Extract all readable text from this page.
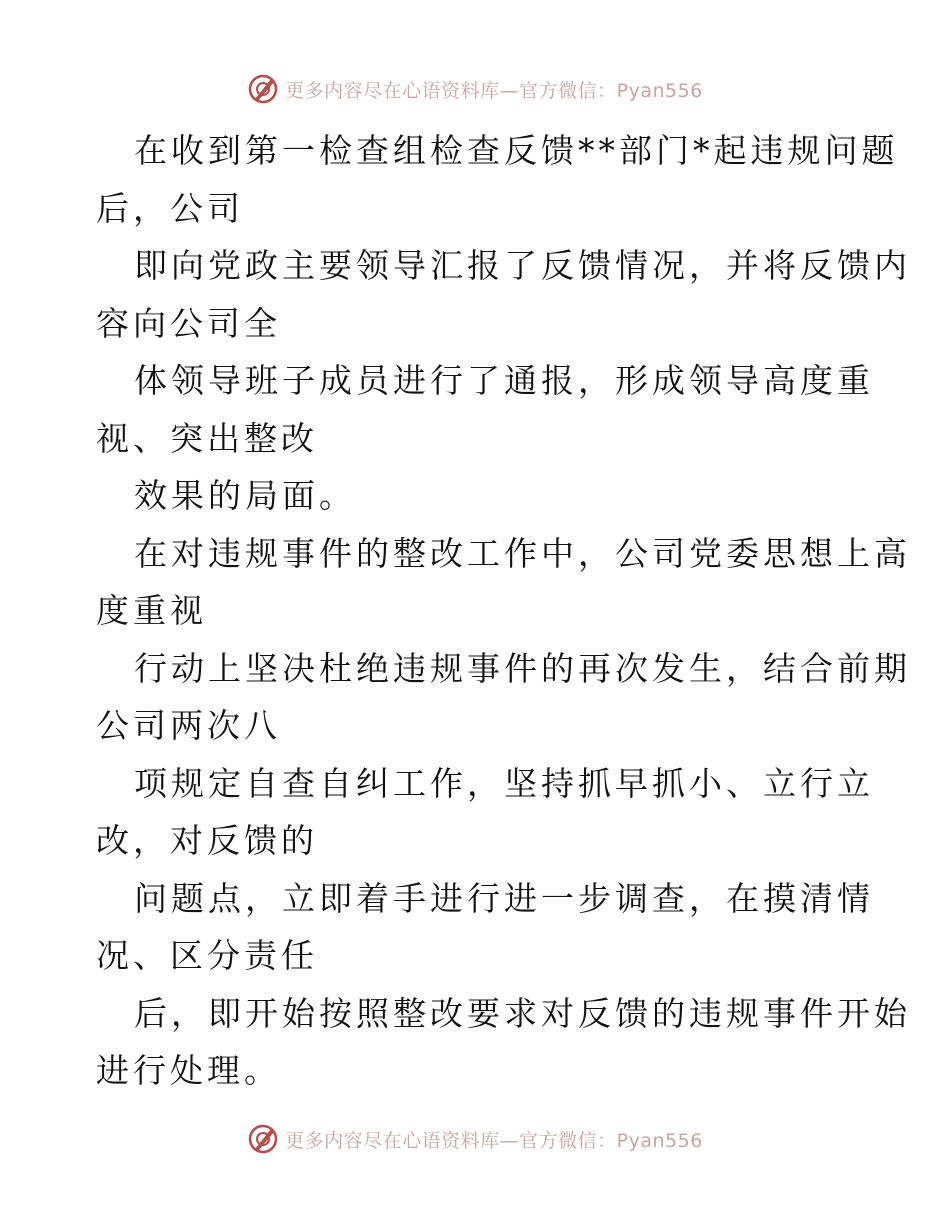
更多内容尽在心语资料库—官方微信：Pyan556
在收到第一检查组检查反馈**部门*起违规问题
后，公司
即向党政主要领导汇报了反馈情况，并将反馈内
容向公司全
体领导班子成员进行了通报，形成领导高度重
视、突出整改
效果的局面。
在对违规事件的整改工作中，公司党委思想上高
度重视
行动上坚决杜绝违规事件的再次发生，结合前期
公司两次八
项规定自查自纠工作，坚持抓早抓小、立行立
改，对反馈的
问题点，立即着手进行进一步调查，在摸清情
况、区分责任
后，即开始按照整改要求对反馈的违规事件开始
进行处理。
更多内容尽在心语资料库—官方微信：Pyan556
